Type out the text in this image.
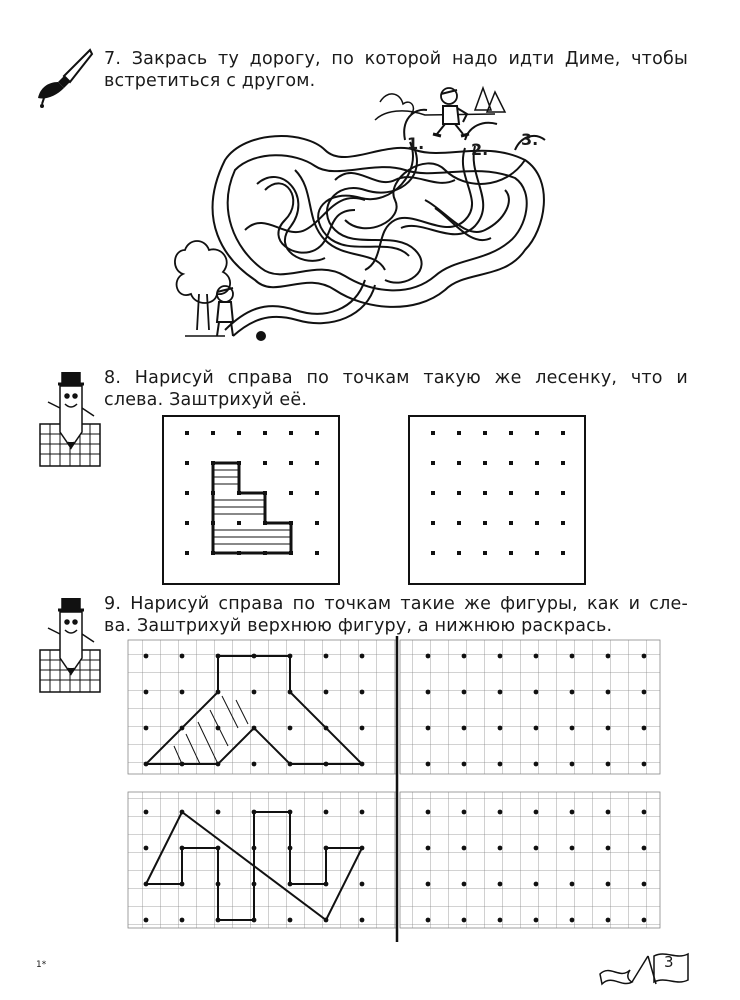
7. Закрась ту дорогу, по которой надо идти Диме, чтобы
встретиться с другом.
1.	2.
3.
8. Нарисуй справа по точкам такую же лесенку, что и
слева. Заштрихуй её.
9. Нарисуй справа по точкам такие же фигуры, как и сле-
ва. Заштрихуй верхнюю фигуру, а нижнюю раскрась.
1*	3
